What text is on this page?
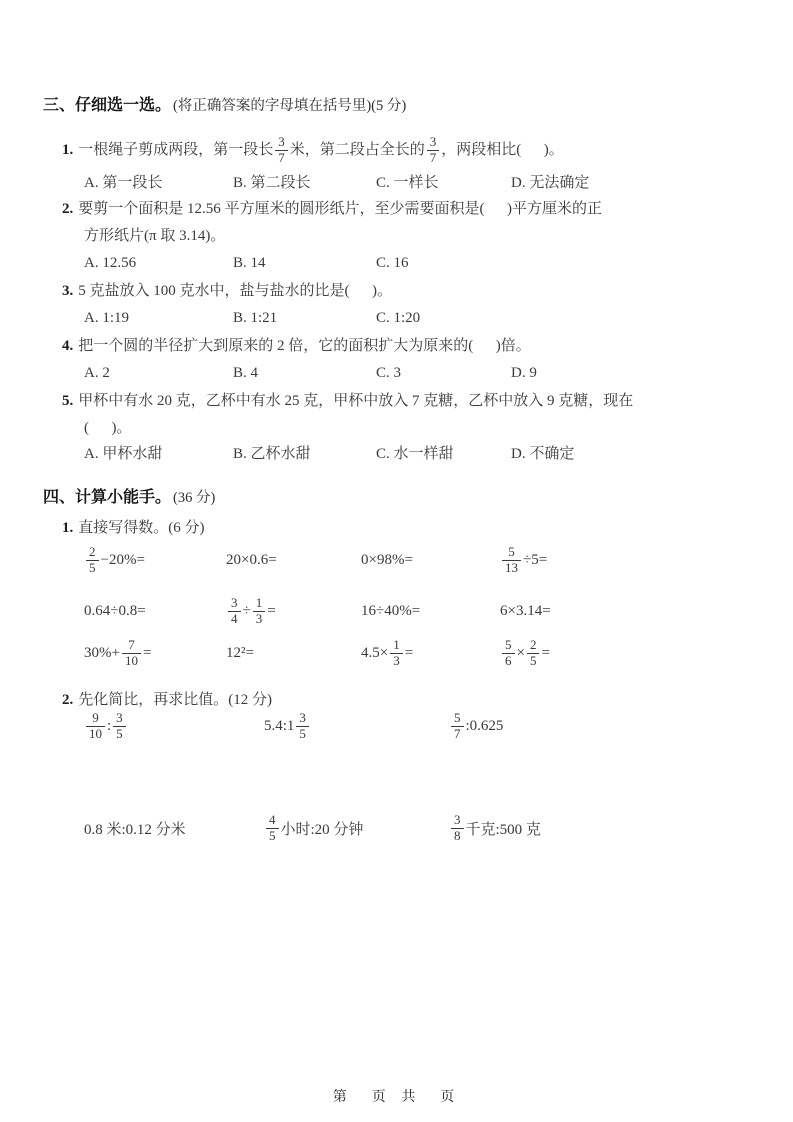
三、仔细选一选。 (将正确答案的字母填在括号里)(5 分)
1. 一根绳子剪成两段，第一段长 $\frac{3}{7}$ 米，第二段占全长的 $\frac{3}{7}$ ，两段相比(      )。
A. 第一段长	B. 第二段长	C. 一样长	D. 无法确定
2. 要剪一个面积是 12.56 平方厘米的圆形纸片，至少需要面积是(      )平方厘米的正
方形纸片(π 取 3.14)。
A. 12.56	B. 14	C. 16
3. 5 克盐放入 100 克水中，盐与盐水的比是(      )。
A. 1:19	B. 1:21	C. 1:20
4. 把一个圆的半径扩大到原来的 2 倍，它的面积扩大为原来的(      )倍。
A. 2	B. 4	C. 3	D. 9
5. 甲杯中有水 20 克，乙杯中有水 25 克，甲杯中放入 7 克糖，乙杯中放入 9 克糖，现在
(      )。
A. 甲杯水甜	B. 乙杯水甜	C. 水一样甜	D. 不确定
四、计算小能手。 (36 分)
1. 直接写得数。(6 分)
$\frac{2}{5} -20\%=$	20×0.6=	0×98%=	$\frac{5}{13} \div 5=$
0.64÷0.8=	$\frac{3}{4} \div \frac{1}{3}$ =	16÷40%=	6×3.14=
$30\%+ \frac{7}{10}$ =	12²=	$4.5\times \frac{1}{3}$ =	$\frac{5}{6} \times \frac{2}{5}$ =
2. 先化简比，再求比值。(12 分)
$\frac{9}{10}$ : $\frac{3}{5}$	5.4:1 $\frac{3}{5}$	$\frac{5}{7}$ :0.625
0.8 米:0.12 分米	$\frac{4}{5}$ 小时:20 分钟	$\frac{3}{8}$ 千克:500 克
第  页 共  页
